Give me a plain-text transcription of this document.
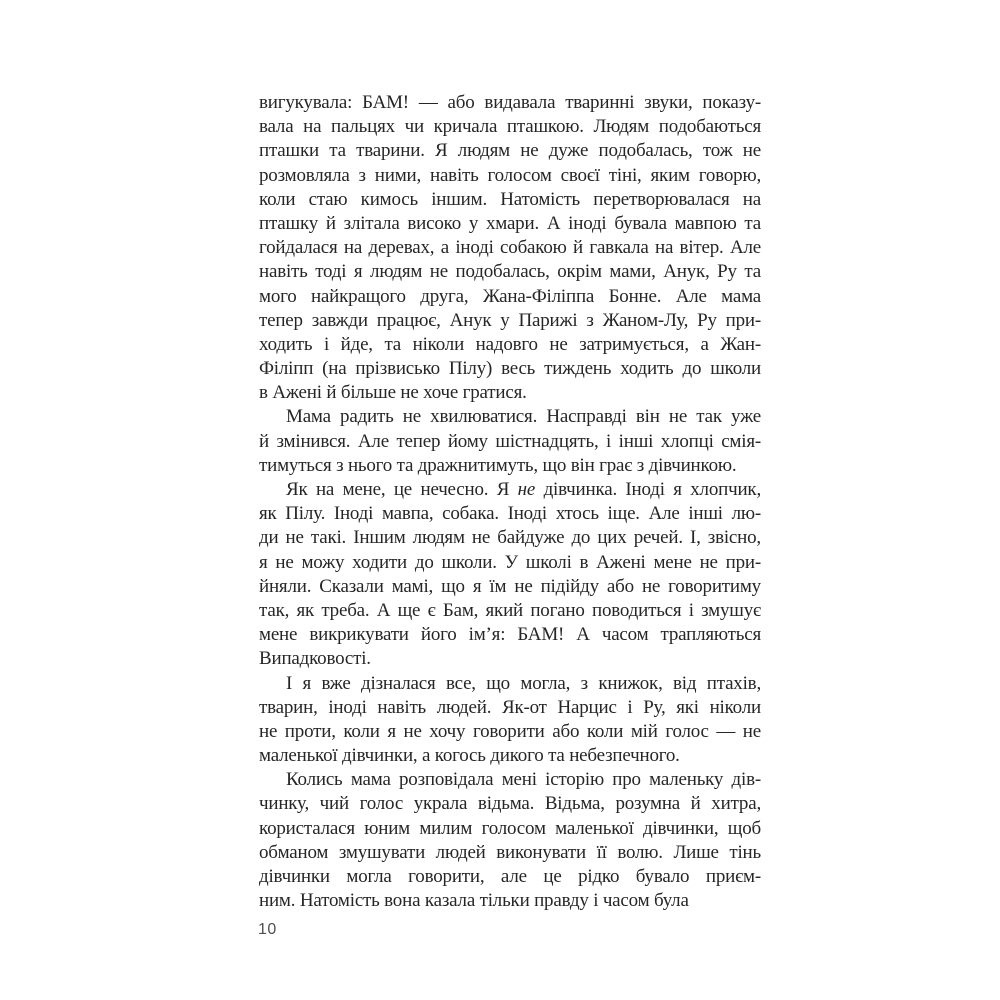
вигукувала: БАМ! — або видавала тваринні звуки, показу-
вала на пальцях чи кричала пташкою. Людям подобаються
пташки та тварини. Я людям не дуже подобалась, тож не
розмовляла з ними, навіть голосом своєї тіні, яким говорю,
коли стаю кимось іншим. Натомість перетворювалася на
пташку й злітала високо у хмари. А іноді бувала мавпою та
гойдалася на деревах, а іноді собакою й гавкала на вітер. Але
навіть тоді я людям не подобалась, окрім мами, Анук, Ру та
мого найкращого друга, Жана-Філіппа Бонне. Але мама
тепер завжди працює, Анук у Парижі з Жаном-Лу, Ру при-
ходить і йде, та ніколи надовго не затримується, а Жан-
Філіпп (на прізвисько Пілу) весь тиждень ходить до школи
в Ажені й більше не хоче гратися.
Мама радить не хвилюватися. Насправді він не так уже
й змінився. Але тепер йому шістнадцять, і інші хлопці смія-
тимуться з нього та дражнитимуть, що він грає з дівчинкою.
Як на мене, це нечесно. Я не дівчинка. Іноді я хлопчик,
як Пілу. Іноді мавпа, собака. Іноді хтось іще. Але інші лю-
ди не такі. Іншим людям не байдуже до цих речей. І, звісно,
я не можу ходити до школи. У школі в Ажені мене не при-
йняли. Сказали мамі, що я їм не підійду або не говоритиму
так, як треба. А ще є Бам, який погано поводиться і змушує
мене викрикувати його ім’я: БАМ! А часом трапляються
Випадковості.
І я вже дізналася все, що могла, з книжок, від птахів,
тварин, іноді навіть людей. Як-от Нарцис і Ру, які ніколи
не проти, коли я не хочу говорити або коли мій голос — не
маленької дівчинки, а когось дикого та небезпечного.
Колись мама розповідала мені історію про маленьку дів-
чинку, чий голос украла відьма. Відьма, розумна й хитра,
користалася юним милим голосом маленької дівчинки, щоб
обманом змушувати людей виконувати її волю. Лише тінь
дівчинки могла говорити, але це рідко бувало приєм-
ним. Натомість вона казала тільки правду і часом була
10
